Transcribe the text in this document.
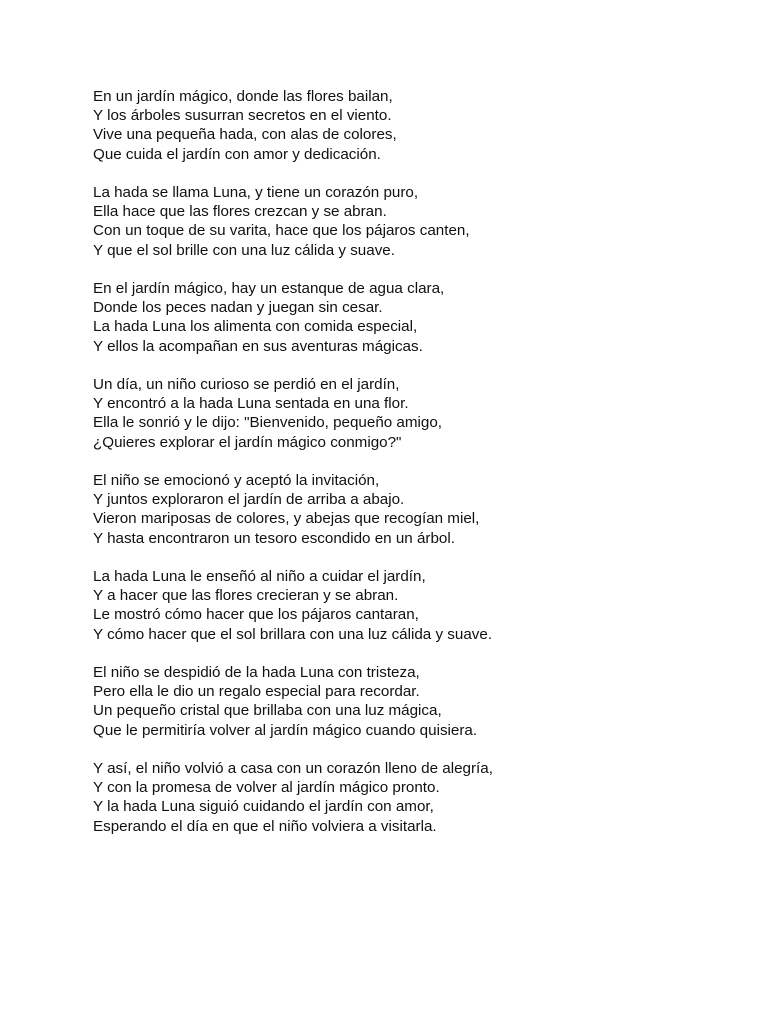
En un jardín mágico, donde las flores bailan,
Y los árboles susurran secretos en el viento.
Vive una pequeña hada, con alas de colores,
Que cuida el jardín con amor y dedicación.
La hada se llama Luna, y tiene un corazón puro,
Ella hace que las flores crezcan y se abran.
Con un toque de su varita, hace que los pájaros canten,
Y que el sol brille con una luz cálida y suave.
En el jardín mágico, hay un estanque de agua clara,
Donde los peces nadan y juegan sin cesar.
La hada Luna los alimenta con comida especial,
Y ellos la acompañan en sus aventuras mágicas.
Un día, un niño curioso se perdió en el jardín,
Y encontró a la hada Luna sentada en una flor.
Ella le sonrió y le dijo: "Bienvenido, pequeño amigo,
¿Quieres explorar el jardín mágico conmigo?"
El niño se emocionó y aceptó la invitación,
Y juntos exploraron el jardín de arriba a abajo.
Vieron mariposas de colores, y abejas que recogían miel,
Y hasta encontraron un tesoro escondido en un árbol.
La hada Luna le enseñó al niño a cuidar el jardín,
Y a hacer que las flores crecieran y se abran.
Le mostró cómo hacer que los pájaros cantaran,
Y cómo hacer que el sol brillara con una luz cálida y suave.
El niño se despidió de la hada Luna con tristeza,
Pero ella le dio un regalo especial para recordar.
Un pequeño cristal que brillaba con una luz mágica,
Que le permitiría volver al jardín mágico cuando quisiera.
Y así, el niño volvió a casa con un corazón lleno de alegría,
Y con la promesa de volver al jardín mágico pronto.
Y la hada Luna siguió cuidando el jardín con amor,
Esperando el día en que el niño volviera a visitarla.
